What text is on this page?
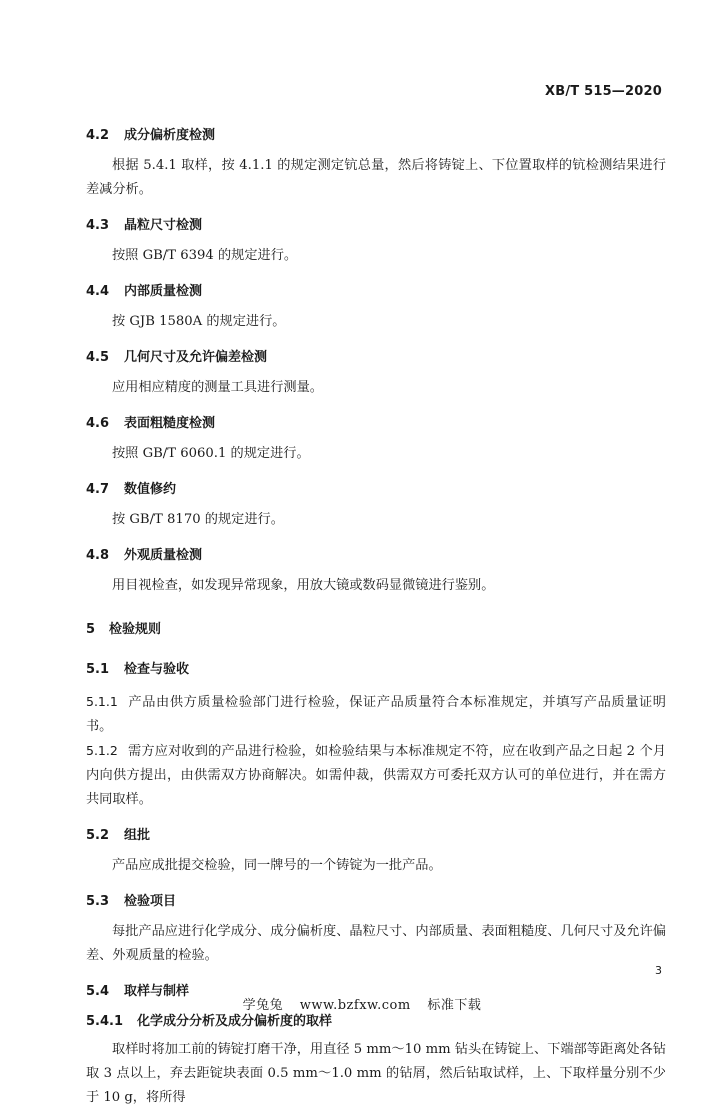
XB/T 515—2020
4.2 成分偏析度检测

根据 5.4.1 取样，按 4.1.1 的规定测定钪总量，然后将铸锭上、下位置取样的钪检测结果进行差减分析。

4.3 晶粒尺寸检测

按照 GB/T 6394 的规定进行。

4.4 内部质量检测

按 GJB 1580A 的规定进行。

4.5 几何尺寸及允许偏差检测

应用相应精度的测量工具进行测量。

4.6 表面粗糙度检测

按照 GB/T 6060.1 的规定进行。

4.7 数值修约

按 GB/T 8170 的规定进行。

4.8 外观质量检测

用目视检查，如发现异常现象，用放大镜或数码显微镜进行鉴别。

5 检验规则
5.1 检查与验收

5.1.1 产品由供方质量检验部门进行检验，保证产品质量符合本标准规定，并填写产品质量证明书。

5.1.2 需方应对收到的产品进行检验，如检验结果与本标准规定不符，应在收到产品之日起 2 个月内向供方提出，由供需双方协商解决。如需仲裁，供需双方可委托双方认可的单位进行，并在需方共同取样。

5.2 组批

产品应成批提交检验，同一牌号的一个铸锭为一批产品。

5.3 检验项目

每批产品应进行化学成分、成分偏析度、晶粒尺寸、内部质量、表面粗糙度、几何尺寸及允许偏差、外观质量的检验。

5.4 取样与制样
5.4.1 化学成分分析及成分偏析度的取样

取样时将加工前的铸锭打磨干净，用直径 5 mm～10 mm 钻头在铸锭上、下端部等距离处各钻取 3 点以上，弃去距锭块表面 0.5 mm～1.0 mm 的钻屑，然后钻取试样，上、下取样量分别不少于 10 g，将所得

3
学兔兔 www.bzfxw.com 标准下载
